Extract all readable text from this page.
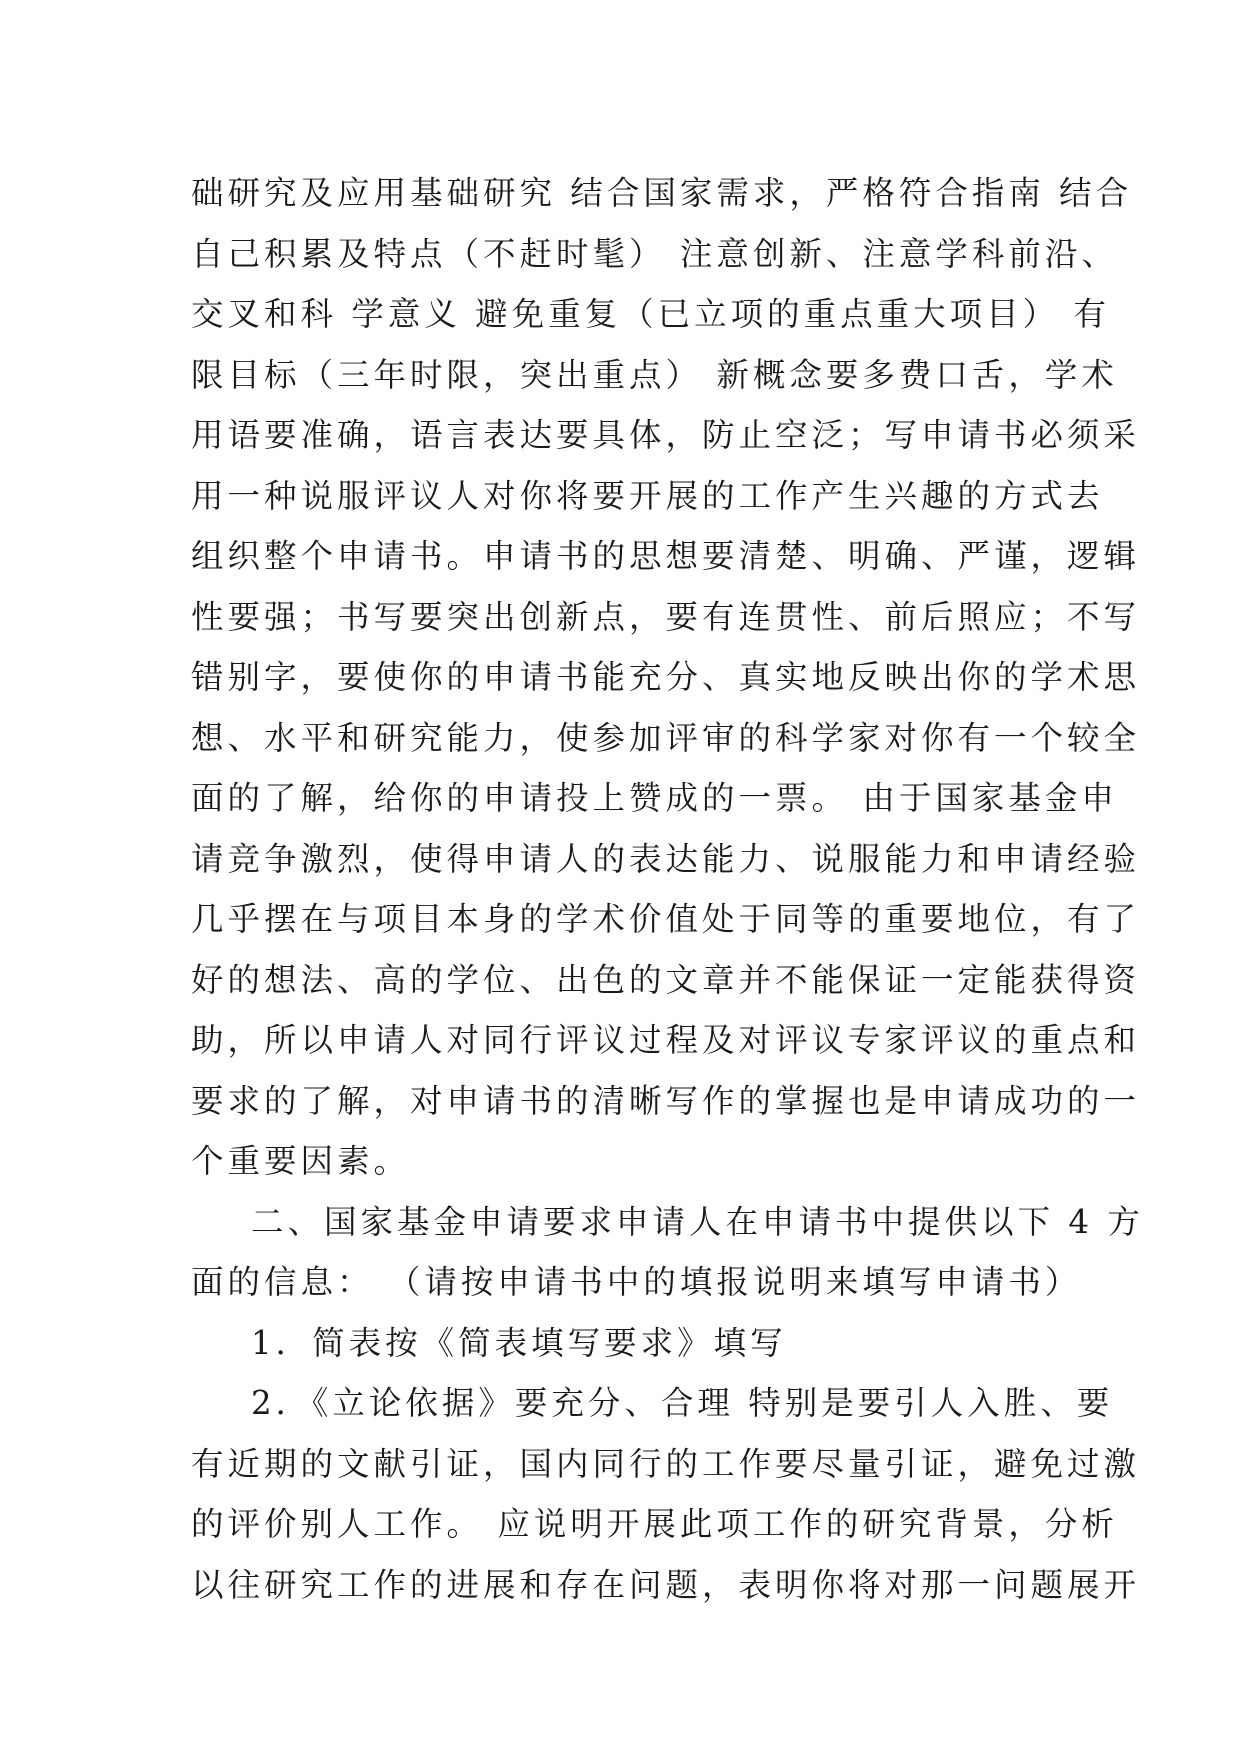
础研究及应用基础研究 结合国家需求，严格符合指南 结合
自己积累及特点（不赶时髦） 注意创新、注意学科前沿、
交叉和科 学意义 避免重复（已立项的重点重大项目） 有
限目标（三年时限，突出重点） 新概念要多费口舌，学术
用语要准确，语言表达要具体，防止空泛；写申请书必须采
用一种说服评议人对你将要开展的工作产生兴趣的方式去
组织整个申请书。申请书的思想要清楚、明确、严谨，逻辑
性要强；书写要突出创新点，要有连贯性、前后照应；不写
错别字，要使你的申请书能充分、真实地反映出你的学术思
想、水平和研究能力，使参加评审的科学家对你有一个较全
面的了解，给你的申请投上赞成的一票。 由于国家基金申
请竞争激烈，使得申请人的表达能力、说服能力和申请经验
几乎摆在与项目本身的学术价值处于同等的重要地位，有了
好的想法、高的学位、出色的文章并不能保证一定能获得资
助，所以申请人对同行评议过程及对评议专家评议的重点和
要求的了解，对申请书的清晰写作的掌握也是申请成功的一
个重要因素。
二、国家基金申请要求申请人在申请书中提供以下 4 方
面的信息： （请按申请书中的填报说明来填写申请书）
1．简表按《简表填写要求》填写
2．《立论依据》要充分、合理 特别是要引人入胜、要
有近期的文献引证，国内同行的工作要尽量引证，避免过激
的评价别人工作。 应说明开展此项工作的研究背景，分析
以往研究工作的进展和存在问题，表明你将对那一问题展开
